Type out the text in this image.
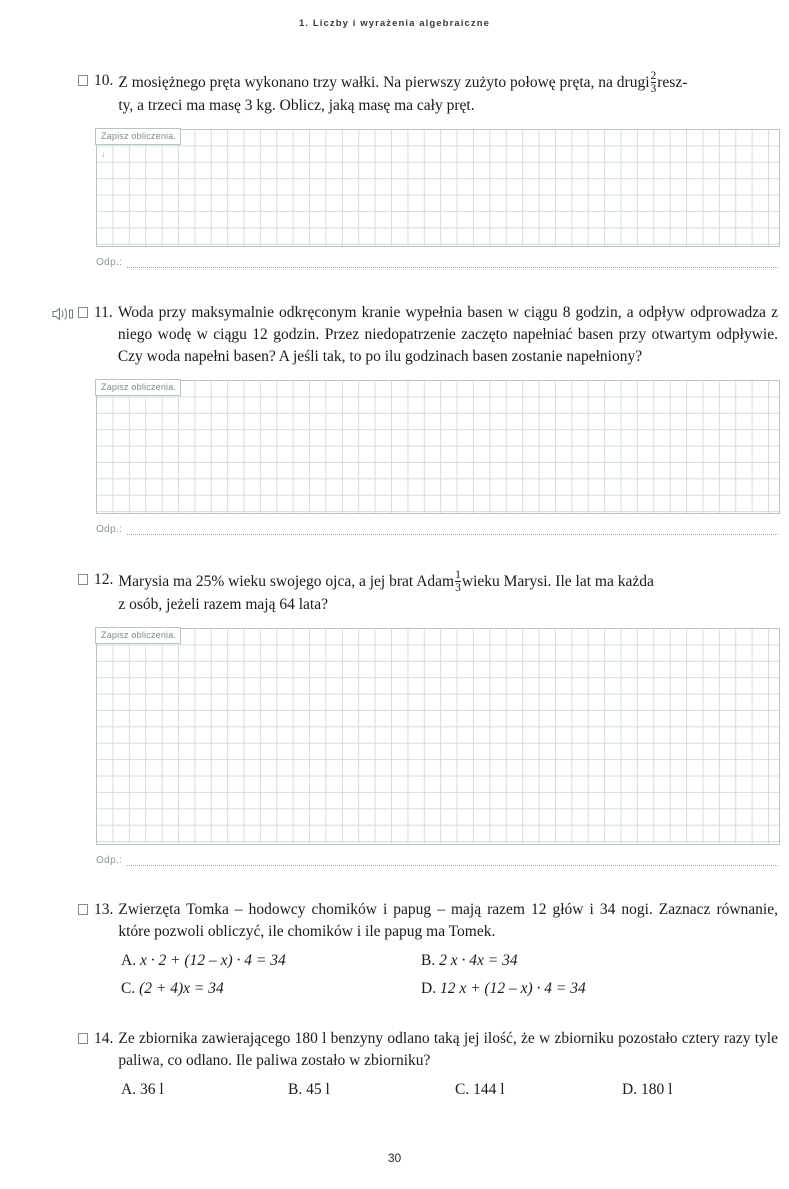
1. Liczby i wyrażenia algebraiczne
10. Z mosiężnego pręta wykonano trzy wałki. Na pierwszy zużyto połowę pręta, na $drugi\frac{2}{3}$ resz-
ty, a trzeci ma masę 3 kg. Oblicz, jaką masę ma cały pręt.
Zapisz obliczenia.
↓
Odp.:
11. Woda przy maksymalnie odkręconym kranie wypełnia basen w ciągu 8 godzin, a odpływ odprowadza z niego wodę w ciągu 12 godzin. Przez niedopatrzenie zaczęto napełniać basen przy otwartym odpływie. Czy woda napełni basen? A jeśli tak, to po ilu godzinach basen zostanie napełniony?
Zapisz obliczenia.
Odp.:
12. Marysia ma 25% wieku swojego ojca, a jej brat $Adam\frac{1}{3}$ wieku Marysi. Ile lat ma każda
z osób, jeżeli razem mają 64 lata?
Zapisz obliczenia.
Odp.:
13. Zwierzęta Tomka – hodowcy chomików i papug – mają razem 12 głów i 34 nogi. Zaznacz równanie, które pozwoli obliczyć, ile chomików i ile papug ma Tomek.
A. x · 2 + (12 – x) · 4 = 34	B. 2 x · 4x = 34
C. (2 + 4)x = 34	D. 12 x + (12 – x) · 4 = 34
14. Ze zbiornika zawierającego 180 l benzyny odlano taką jej ilość, że w zbiorniku pozostało cztery razy tyle paliwa, co odlano. Ile paliwa zostało w zbiorniku?
A. 36 l	B. 45 l	C. 144 l	D. 180 l
30
